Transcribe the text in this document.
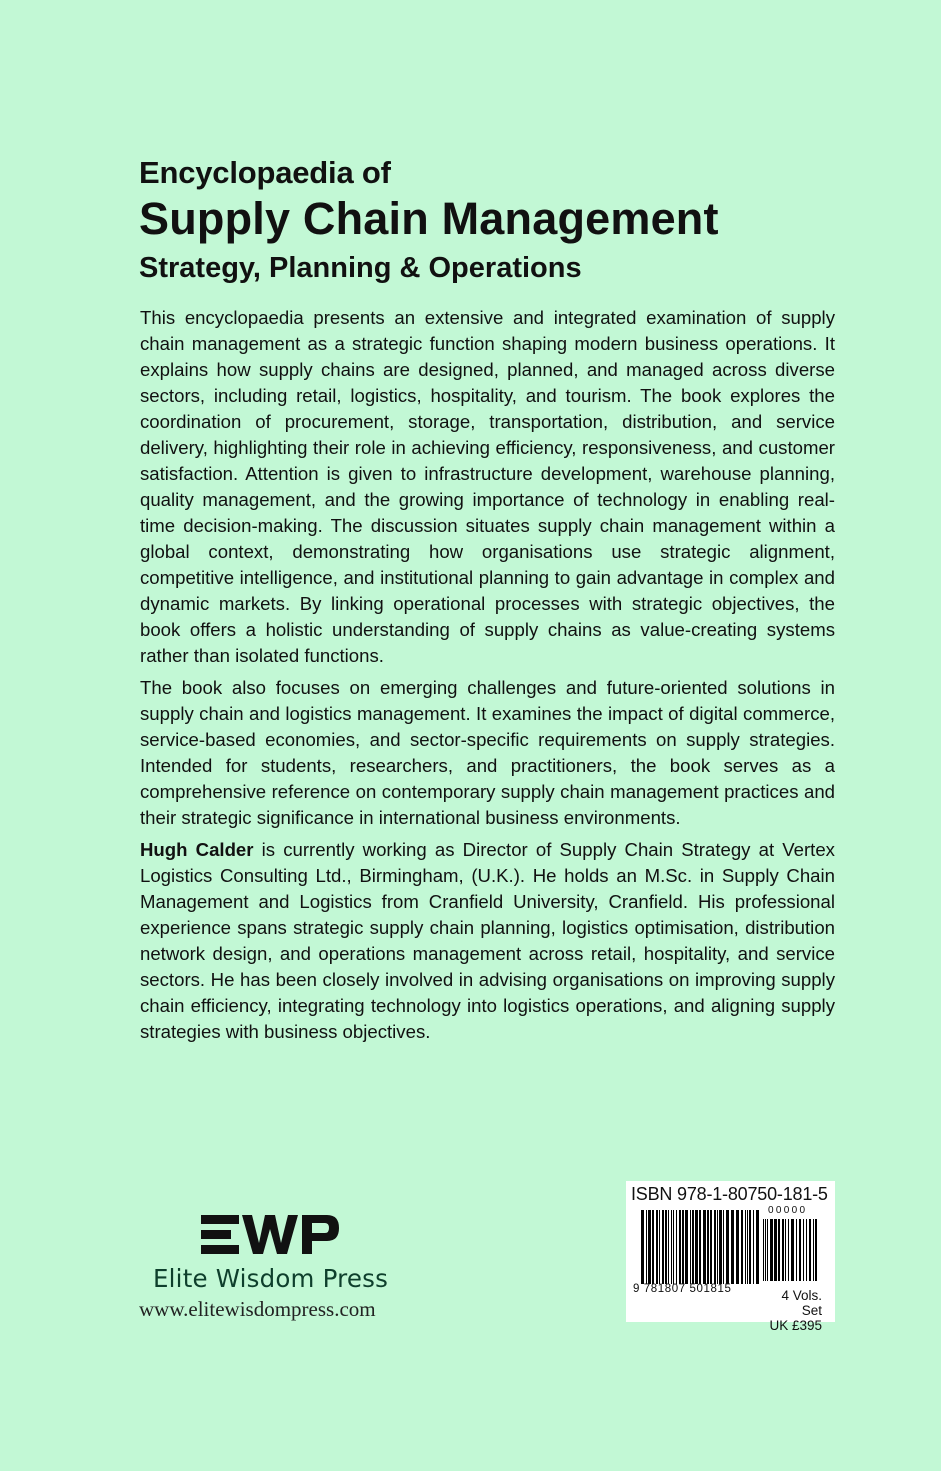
Encyclopaedia of
Supply Chain Management
Strategy, Planning & Operations

This encyclopaedia presents an extensive and integrated examination of supply chain management as a strategic function shaping modern business operations. It explains how supply chains are designed, planned, and managed across diverse sectors, including retail, logistics, hospitality, and tourism. The book explores the coordination of procurement, storage, transportation, distribution, and service delivery, highlighting their role in achieving efficiency, responsiveness, and customer satisfaction. Attention is given to infrastructure development, warehouse planning, quality management, and the growing importance of technology in enabling real-time decision-making. The discussion situates supply chain management within a global context, demonstrating how organisations use strategic alignment, competitive intelligence, and institutional planning to gain advantage in complex and dynamic markets. By linking operational processes with strategic objectives, the book offers a holistic understanding of supply chains as value-creating systems rather than isolated functions.

The book also focuses on emerging challenges and future-oriented solutions in supply chain and logistics management. It examines the impact of digital commerce, service-based economies, and sector-specific requirements on supply strategies. Intended for students, researchers, and practitioners, the book serves as a comprehensive reference on contemporary supply chain management practices and their strategic significance in international business environments.

Hugh Calder is currently working as Director of Supply Chain Strategy at Vertex Logistics Consulting Ltd., Birmingham, (U.K.). He holds an M.Sc. in Supply Chain Management and Logistics from Cranfield University, Cranfield. His professional experience spans strategic supply chain planning, logistics optimisation, distribution network design, and operations management across retail, hospitality, and service sectors. He has been closely involved in advising organisations on improving supply chain efficiency, integrating technology into logistics operations, and aligning supply strategies with business objectives.

Elite Wisdom Press
www.elitewisdompress.com
ISBN 978-1-80750-181-5
00000
9 781807 501815	4 Vols. Set
UK £395
